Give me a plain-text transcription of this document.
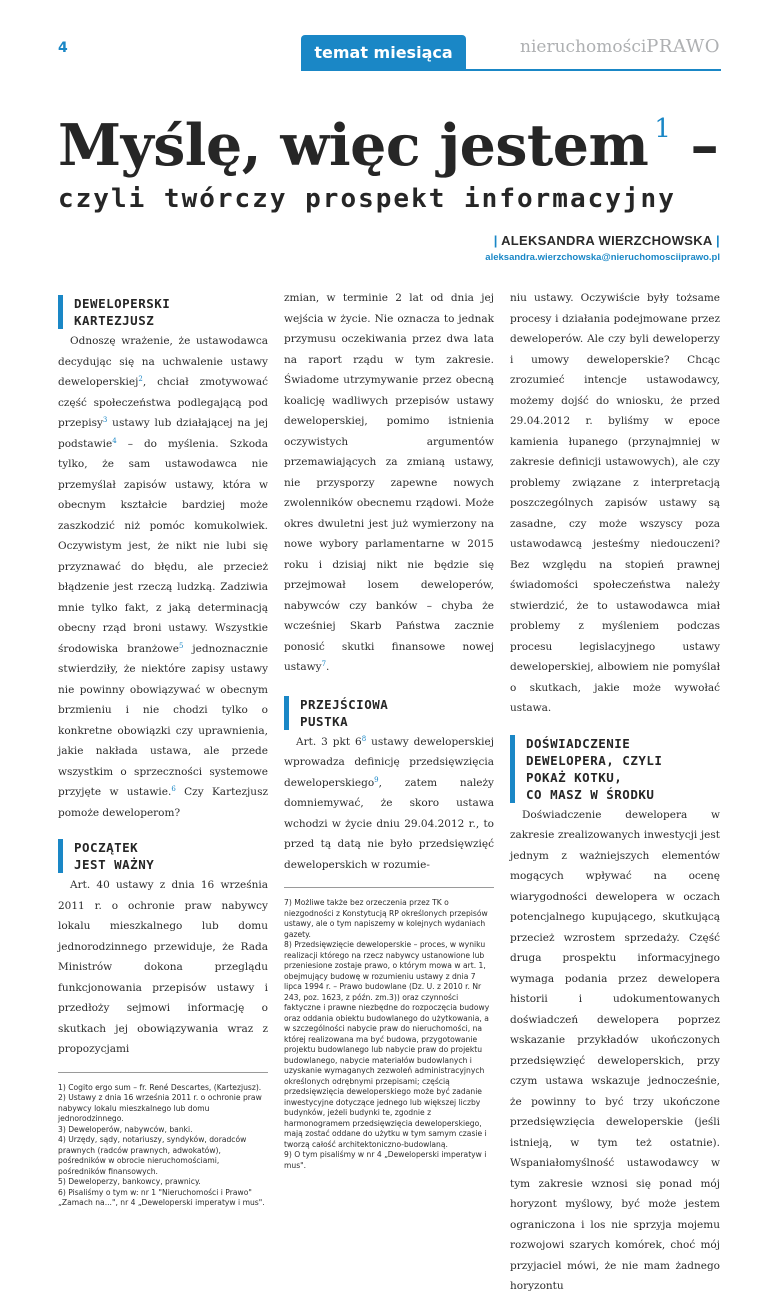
4	temat miesiąca	nieruchomościPRAWO
Myślę, więc jestem $^1$ –
czyli twórczy prospekt informacyjny
| ALEKSANDRA WIERZCHOWSKA |
aleksandra.wierzchowska@nieruchomosciiprawo.pl
DEWELOPERSKI
KARTEZJUSZ

Odnoszę wrażenie, że ustawodawca decydując się na uchwalenie ustawy deweloperskiej$^2$, chciał zmotywować część społeczeństwa podlegającą pod przepisy$^3$ ustawy lub działającej na jej podstawie$^4$ – do myślenia. Szkoda tylko, że sam ustawodawca nie przemyślał zapisów ustawy, która w obecnym kształcie bardziej może zaszkodzić niż pomóc komukolwiek. Oczywistym jest, że nikt nie lubi się przyznawać do błędu, ale przecież błądzenie jest rzeczą ludzką. Zadziwia mnie tylko fakt, z jaką determinacją obecny rząd broni ustawy. Wszystkie środowiska branżowe$^5$ jednoznacznie stwierdziły, że niektóre zapisy ustawy nie powinny obowiązywać w obecnym brzmieniu i nie chodzi tylko o konkretne obowiązki czy uprawnienia, jakie nakłada ustawa, ale przede wszystkim o sprzeczności systemowe przyjęte w ustawie.$^6$ Czy Kartezjusz pomoże deweloperom?

POCZĄTEK
JEST WAŻNY

Art. 40 ustawy z dnia 16 września 2011 r. o ochronie praw nabywcy lokalu mieszkalnego lub domu jednorodzinnego przewiduje, że Rada Ministrów dokona przeglądu funkcjonowania przepisów ustawy i przedłoży sejmowi informację o skutkach jej obowiązywania wraz z propozycjami

1) Cogito ergo sum – fr. René Descartes, (Kartezjusz).
2) Ustawy z dnia 16 września 2011 r. o ochronie praw nabywcy lokalu mieszkalnego lub domu jednorodzinnego.
3) Deweloperów, nabywców, banki.
4) Urzędy, sądy, notariuszy, syndyków, doradców prawnych (radców prawnych, adwokatów), pośredników w obrocie nieruchomościami, pośredników finansowych.
5) Deweloperzy, bankowcy, prawnicy.
6) Pisaliśmy o tym w: nr 1 "Nieruchomości i Prawo" „Zamach na...", nr 4 „Deweloperski imperatyw i mus".

zmian, w terminie 2 lat od dnia jej wejścia w życie. Nie oznacza to jednak przymusu oczekiwania przez dwa lata na raport rządu w tym zakresie. Świadome utrzymywanie przez obecną koalicję wadliwych przepisów ustawy deweloperskiej, pomimo istnienia oczywistych argumentów przemawiających za zmianą ustawy, nie przysporzy zapewne nowych zwolenników obecnemu rządowi. Może okres dwuletni jest już wymierzony na nowe wybory parlamentarne w 2015 roku i dzisiaj nikt nie będzie się przejmował losem deweloperów, nabywców czy banków – chyba że wcześniej Skarb Państwa zacznie ponosić skutki finansowe nowej ustawy$^7$.

PRZEJŚCIOWA
PUSTKA

Art. 3 pkt 6$^8$ ustawy deweloperskiej wprowadza definicję przedsięwzięcia deweloperskiego$^9$, zatem należy domniemywać, że skoro ustawa wchodzi w życie dniu 29.04.2012 r., to przed tą datą nie było przedsięwzięć deweloperskich w rozumie-

7) Możliwe także bez orzeczenia przez TK o niezgodności z Konstytucją RP określonych przepisów ustawy, ale o tym napiszemy w kolejnych wydaniach gazety.
8) Przedsięwzięcie deweloperskie – proces, w wyniku realizacji którego na rzecz nabywcy ustanowione lub przeniesione zostaje prawo, o którym mowa w art. 1, obejmujący budowę w rozumieniu ustawy z dnia 7 lipca 1994 r. – Prawo budowlane (Dz. U. z 2010 r. Nr 243, poz. 1623, z późn. zm.3)) oraz czynności faktyczne i prawne niezbędne do rozpoczęcia budowy oraz oddania obiektu budowlanego do użytkowania, a w szczególności nabycie praw do nieruchomości, na której realizowana ma być budowa, przygotowanie projektu budowlanego lub nabycie praw do projektu budowlanego, nabycie materiałów budowlanych i uzyskanie wymaganych zezwoleń administracyjnych określonych odrębnymi przepisami; częścią przedsięwzięcia deweloperskiego może być zadanie inwestycyjne dotyczące jednego lub większej liczby budynków, jeżeli budynki te, zgodnie z harmonogramem przedsięwzięcia deweloperskiego, mają zostać oddane do użytku w tym samym czasie i tworzą całość architektoniczno-budowlaną.
9) O tym pisaliśmy w nr 4 „Deweloperski imperatyw i mus".

niu ustawy. Oczywiście były tożsame procesy i działania podejmowane przez deweloperów. Ale czy byli deweloperzy i umowy deweloperskie? Chcąc zrozumieć intencje ustawodawcy, możemy dojść do wniosku, że przed 29.04.2012 r. byliśmy w epoce kamienia łupanego (przynajmniej w zakresie definicji ustawowych), ale czy problemy związane z interpretacją poszczególnych zapisów ustawy są zasadne, czy może wszyscy poza ustawodawcą jesteśmy niedouczeni? Bez względu na stopień prawnej świadomości społeczeństwa należy stwierdzić, że to ustawodawca miał problemy z myśleniem podczas procesu legislacyjnego ustawy deweloperskiej, albowiem nie pomyślał o skutkach, jakie może wywołać ustawa.

DOŚWIADCZENIE
DEWELOPERA, CZYLI
POKAŻ KOTKU,
CO MASZ W ŚRODKU

Doświadczenie dewelopera w zakresie zrealizowanych inwestycji jest jednym z ważniejszych elementów mogących wpływać na ocenę wiarygodności dewelopera w oczach potencjalnego kupującego, skutkującą przecież wzrostem sprzedaży. Część druga prospektu informacyjnego wymaga podania przez dewelopera historii i udokumentowanych doświadczeń dewelopera poprzez wskazanie przykładów ukończonych przedsięwzięć deweloperskich, przy czym ustawa wskazuje jednocześnie, że powinny to być trzy ukończone przedsięwzięcia deweloperskie (jeśli istnieją, w tym też ostatnie). Wspaniałomyślność ustawodawcy w tym zakresie wznosi się ponad mój horyzont myślowy, być może jestem ograniczona i los nie sprzyja mojemu rozwojowi szarych komórek, choć mój przyjaciel mówi, że nie mam żadnego horyzontu
